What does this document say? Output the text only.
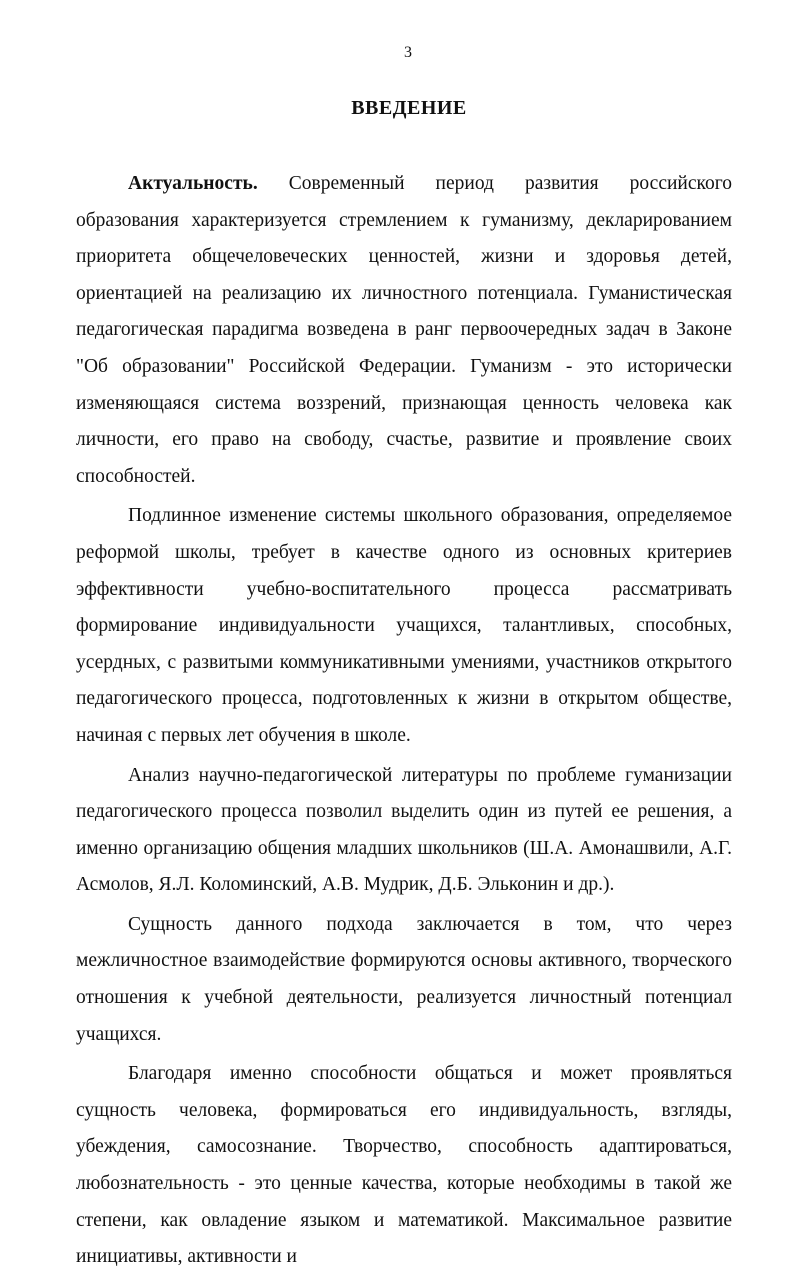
3
ВВЕДЕНИЕ

Актуальность. Современный период развития российского образования характеризуется стремлением к гуманизму, декларированием приоритета общечеловеческих ценностей, жизни и здоровья детей, ориентацией на реализацию их личностного потенциала. Гуманистическая педагогическая парадигма возведена в ранг первоочередных задач в Законе "Об образовании" Российской Федерации. Гуманизм - это исторически изменяющаяся система воззрений, признающая ценность человека как личности, его право на свободу, счастье, развитие и проявление своих способностей.

Подлинное изменение системы школьного образования, определяемое реформой школы, требует в качестве одного из основных критериев эффективности учебно-воспитательного процесса рассматривать формирование индивидуальности учащихся, талантливых, способных, усердных, с развитыми коммуникативными умениями, участников открытого педагогического процесса, подготовленных к жизни в открытом обществе, начиная с первых лет обучения в школе.

Анализ научно-педагогической литературы по проблеме гуманизации педагогического процесса позволил выделить один из путей ее решения, а именно организацию общения младших школьников (Ш.А. Амонашвили, А.Г. Асмолов, Я.Л. Коломинский, А.В. Мудрик, Д.Б. Эльконин и др.).

Сущность данного подхода заключается в том, что через межличностное взаимодействие формируются основы активного, творческого отношения к учебной деятельности, реализуется личностный потенциал учащихся.

Благодаря именно способности общаться и может проявляться сущность человека, формироваться его индивидуальность, взгляды, убеждения, самосознание. Творчество, способность адаптироваться, любознательность - это ценные качества, которые необходимы в такой же степени, как овладение языком и математикой. Максимальное развитие инициативы, активности и
